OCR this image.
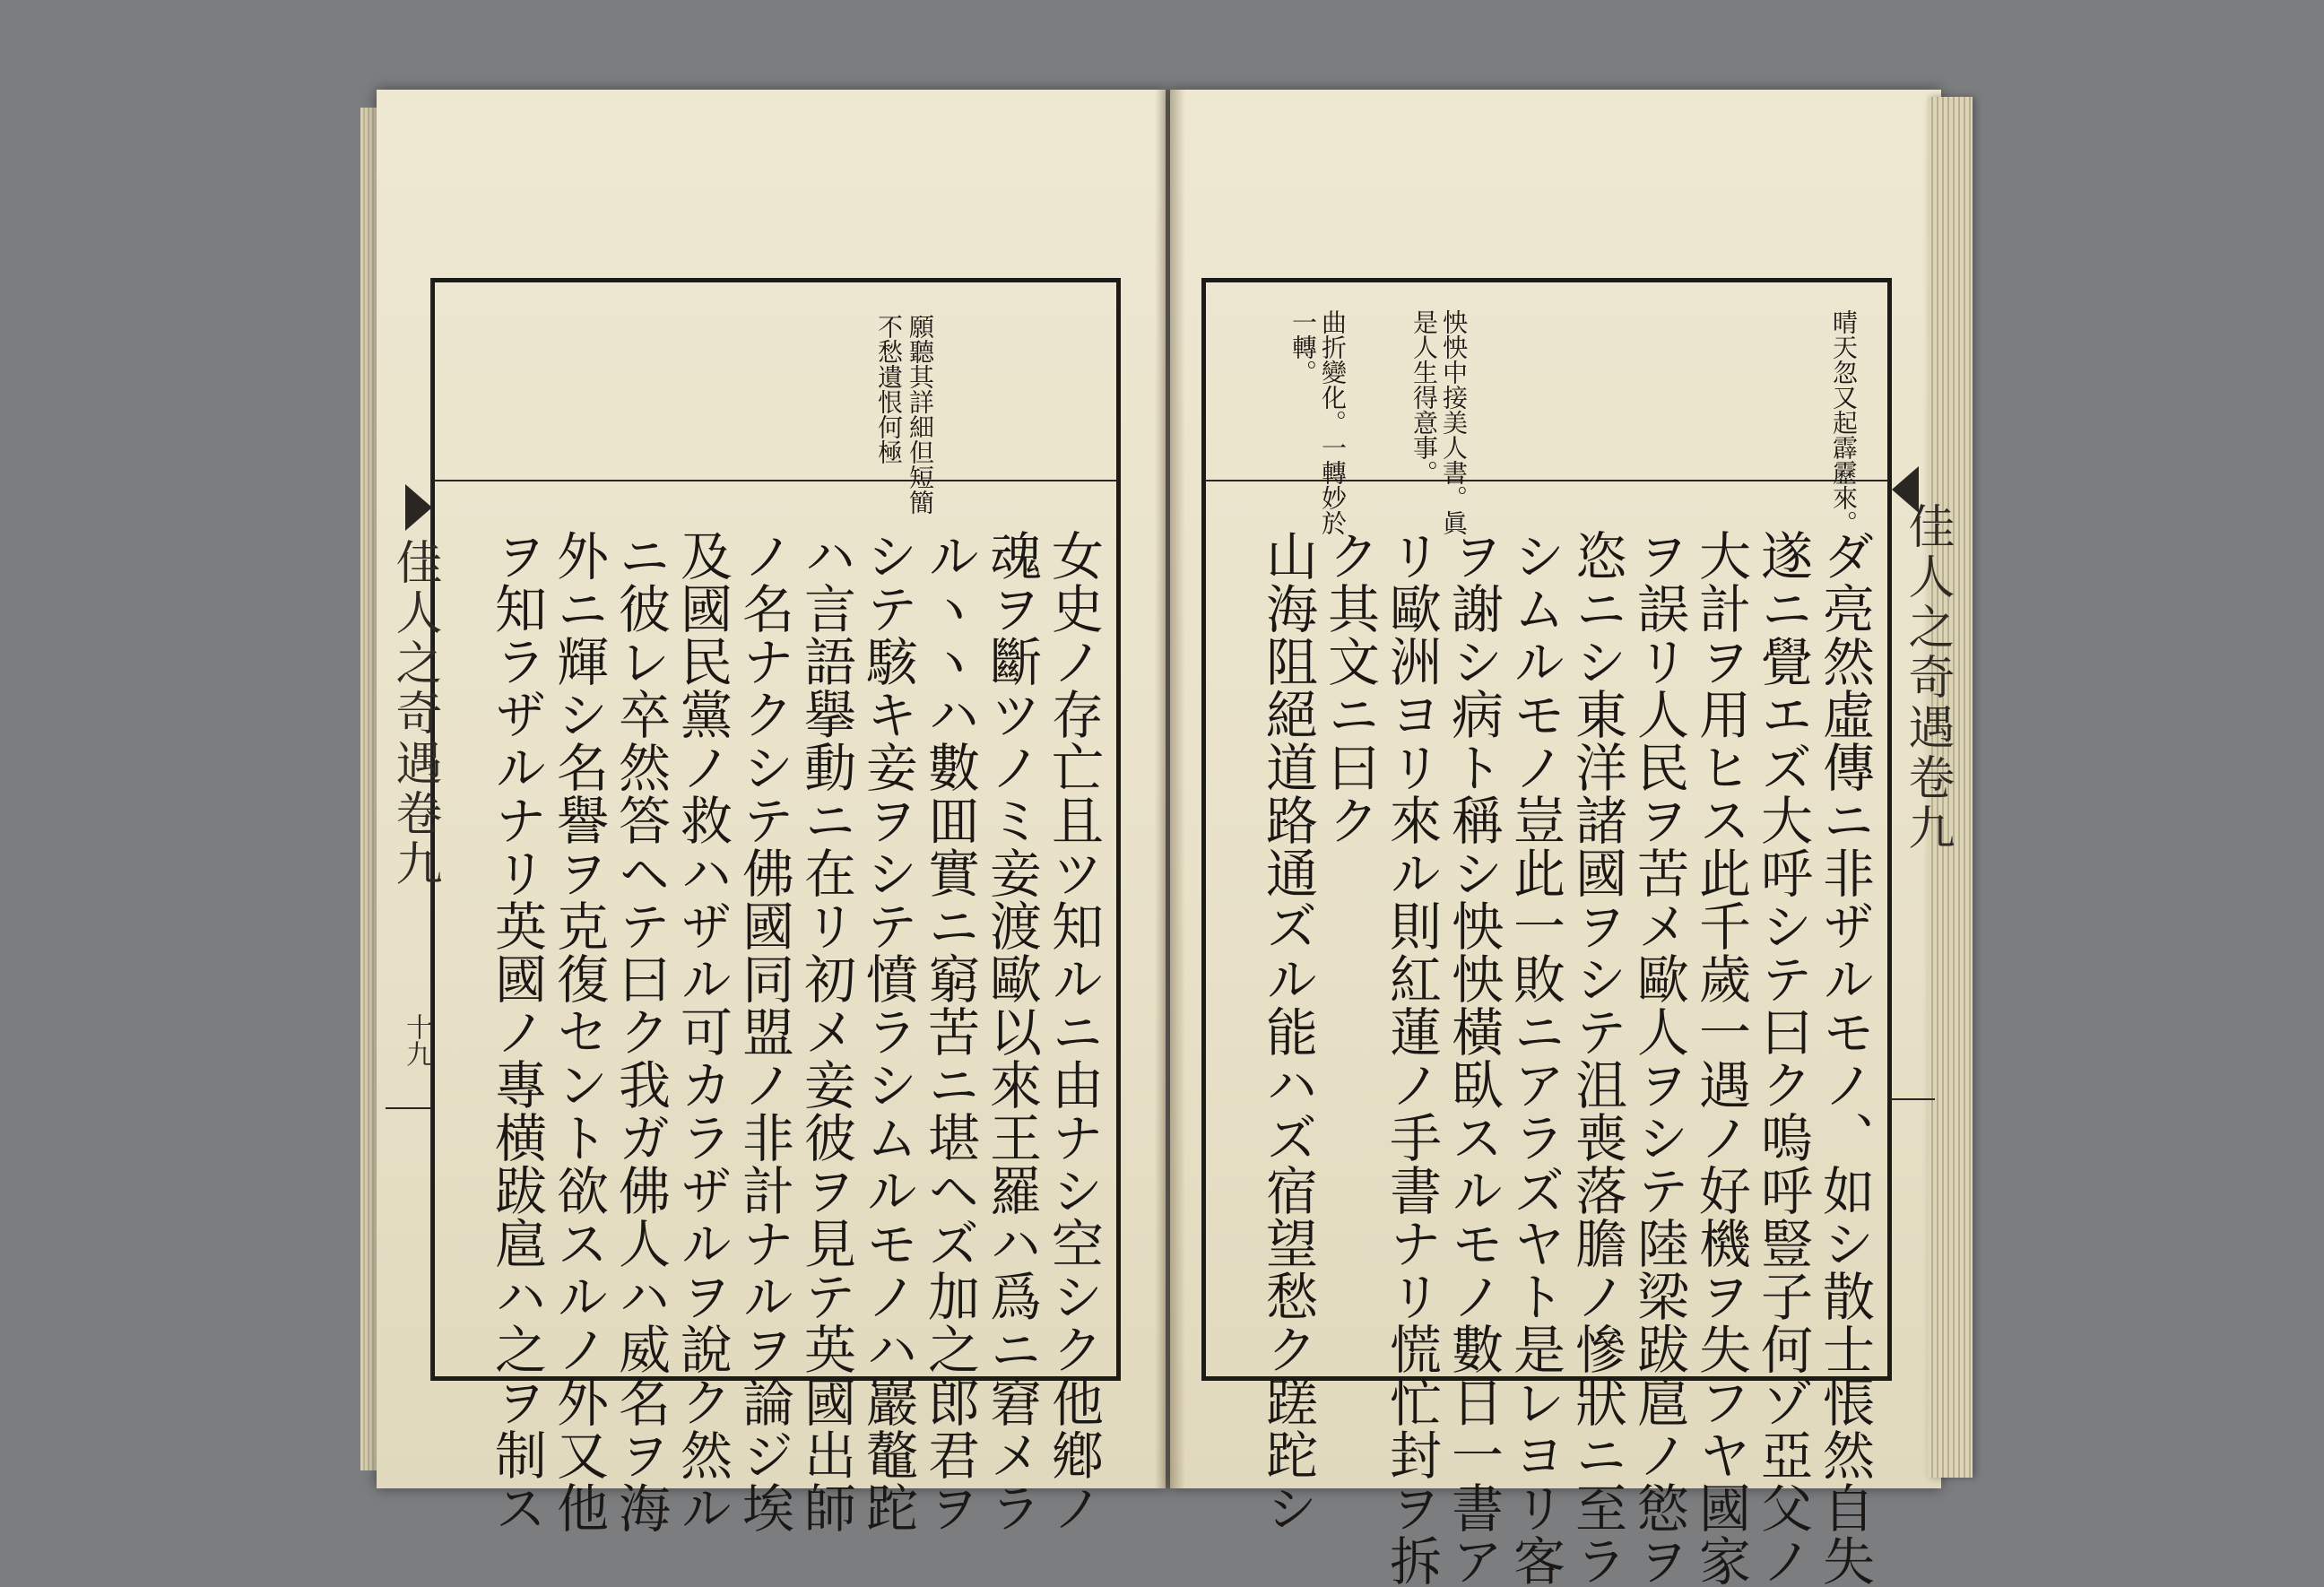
願聽其詳細但短簡
不愁遺恨何極
女史ノ存亡且ツ知ルニ由ナシ空シク他鄕ノ
魂ヲ斷ツノミ妾渡歐以來王羅ハ爲ニ窘メラ
ルヽヽハ數囬實ニ窮苦ニ堪ヘズ加之郎君ヲ
シテ駭キ妾ヲシテ憤ラシムルモノハ巖鼇跎
ハ言語擧動ニ在リ初メ妾彼ヲ見テ英國出師
ノ名ナクシテ佛國同盟ノ非計ナルヲ論ジ埃
及國民黨ノ救ハザル可カラザルヲ說ク然ル
ニ彼レ卒然答ヘテ曰ク我ガ佛人ハ威名ヲ海
外ニ輝シ名譽ヲ克復セント欲スルノ外又他
ヲ知ラザルナリ英國ノ專横跋扈ハ之ヲ制ス
佳人之奇遇卷九
十九
晴天忽又起霹靂來。
怏怏中接美人書。眞
是人生得意事。
曲折變化。一轉妙於
一轉。
ダ亮然虛傳ニ非ザルモノ、如シ散士悵然自失
遂ニ覺エズ大呼シテ曰ク嗚呼豎子何ゾ亞父ノ
大計ヲ用ヒス此千歲一遇ノ好機ヲ失フヤ國家
ヲ誤リ人民ヲ苦メ歐人ヲシテ陸梁跋扈ノ慾ヲ
恣ニシ東洋諸國ヲシテ沮喪落膽ノ慘狀ニ至ラ
シムルモノ豈此一敗ニアラズヤト是レヨリ客
ヲ謝シ病ト稱シ怏怏橫臥スルモノ數日一書ア
リ歐洲ヨリ來ル則紅蓮ノ手書ナリ慌忙封ヲ拆
ク其文ニ曰ク
山海阻絕道路通ズル能ハズ宿望愁ク蹉跎シ	佳人之奇遇卷九
